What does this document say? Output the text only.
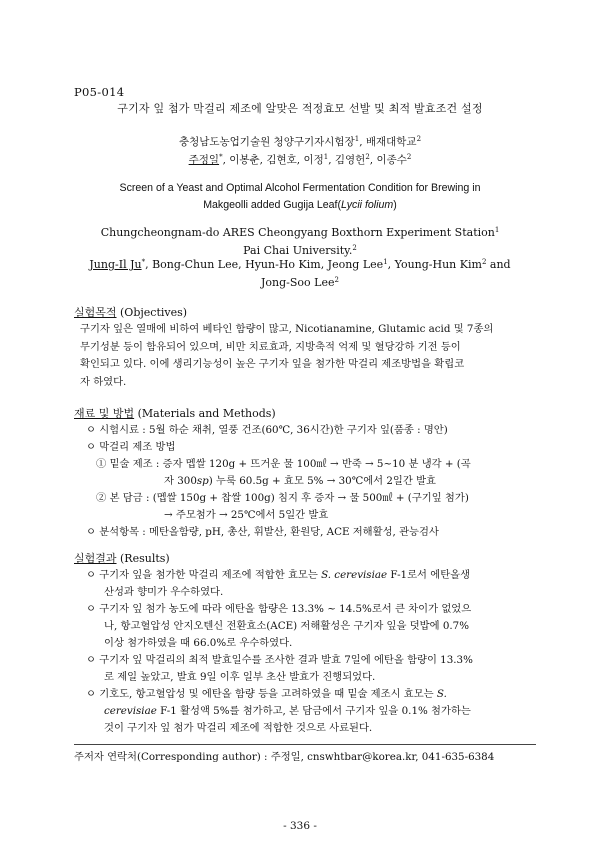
P05-014
구기자 잎 첨가 막걸리 제조에 알맞은 적정효모 선발 및 최적 발효조건 설정
충청남도농업기술원 청양구기자시험장$^1$, 배재대학교$^2$
주정일*, 이봉춘, 김현호, 이정$^1$, 김영헌$^2$, 이종수$^2$
Screen of a Yeast and Optimal Alcohol Fermentation Condition for Brewing in
Makgeolli added Gugija Leaf(Lycii folium)
Chungcheongnam-do ARES Cheongyang Boxthorn Experiment Station$^1$
Pai Chai University.$^2$
Jung-Il Ju*, Bong-Chun Lee, Hyun-Ho Kim, Jeong Lee$^1$, Young-Hun Kim$^2$ and
Jong-Soo Lee$^2$
실험목적 (Objectives)
구기자 잎은 열매에 비하여 베타인 함량이 많고, Nicotianamine, Glutamic acid 및 7종의
무기성분 등이 함유되어 있으며, 비만 치료효과, 지방축적 억제 및 혈당강하 기전 등이
확인되고 있다. 이에 생리기능성이 높은 구기자 잎을 첨가한 막걸리 제조방법을 확립코
자 하였다.
재료 및 방법 (Materials and Methods)
ㅇ 시험시료 : 5월 하순 채취, 열풍 건조(60℃, 36시간)한 구기자 잎(품종 : 명안)
ㅇ 막걸리 제조 방법
① 밑술 제조 : 증자 멥쌀 120g + 뜨거운 물 100㎖ → 반죽 → 5~10 분 냉각 + (곡
자 300sp) 누룩 60.5g + 효모 5% → 30℃에서 2일간 발효
② 본 담금 : (멥쌀 150g + 찹쌀 100g) 침지 후 증자 → 물 500㎖ + (구기잎 첨가)
→ 주모첨가 → 25℃에서 5일간 발효
ㅇ 분석항목 : 메탄올함량, pH, 총산, 휘발산, 환원당, ACE 저해활성, 관능검사
실험결과 (Results)
ㅇ 구기자 잎을 첨가한 막걸리 제조에 적합한 효모는 S. cerevisiae F-1로서 에탄올생
산성과 향미가 우수하였다.
ㅇ 구기자 잎 첨가 농도에 따라 에탄올 함량은 13.3% ~ 14.5%로서 큰 차이가 없었으
나, 항고혈압성 안지오텐신 전환효소(ACE) 저해활성은 구기자 잎을 덧밥에 0.7%
이상 첨가하였을 때 66.0%로 우수하였다.
ㅇ 구기자 잎 막걸리의 최적 발효일수를 조사한 결과 발효 7일에 에탄올 함량이 13.3%
로 제일 높았고, 발효 9일 이후 일부 초산 발효가 진행되었다.
ㅇ 기호도, 항고혈압성 및 에탄올 함량 등을 고려하였을 때 밑술 제조시 효모는 S.
cerevisiae F-1 활성액 5%를 첨가하고, 본 담금에서 구기자 잎을 0.1% 첨가하는
것이 구기자 잎 첨가 막걸리 제조에 적합한 것으로 사료된다.
주저자 연락처(Corresponding author) : 주정일, cnswhtbar@korea.kr, 041-635-6384
- 336 -
